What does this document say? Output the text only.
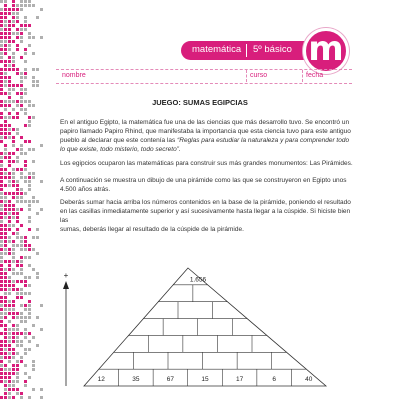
matemática 5º básico m
nombre	curso	fecha
JUEGO: SUMAS EGIPCIAS
En el antiguo Egipto, la matemática fue una de las ciencias que más desarrollo tuvo. Se encontró un
papiro llamado Papiro Rhind, que manifestaba la importancia que esta ciencia tuvo para este antiguo
pueblo al declarar que este contenía las “Reglas para estudiar la naturaleza y para comprender todo
lo que existe, todo misterio, todo secreto”.
Los egipcios ocuparon las matemáticas para construir sus más grandes monumentos: Las Pirámides.
A continuación se muestra un dibujo de una pirámide como las que se construyeron en Egipto unos
4.500 años atrás.
Deberás sumar hacia arriba los números contenidos en la base de la pirámide, poniendo el resultado
en las casillas inmediatamente superior y así sucesivamente hasta llegar a la cúspide. Si hiciste bien las
sumas, deberás llegar al resultado de la cúspide de la pirámide.
1.656
12	35	67	15	17	6	40
+
